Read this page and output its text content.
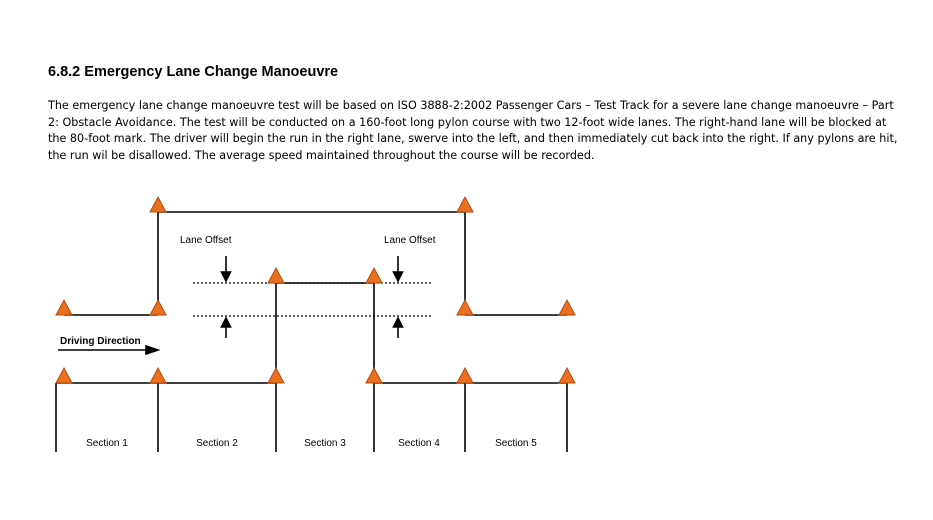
6.8.2 Emergency Lane Change Manoeuvre

The emergency lane change manoeuvre test will be based on ISO 3888-2:2002 Passenger Cars – Test Track for a severe lane change manoeuvre – Part 2: Obstacle Avoidance. The test will be conducted on a 160-foot long pylon course with two 12-foot wide lanes. The right-hand lane will be blocked at the 80-foot mark. The driver will begin the run in the right lane, swerve into the left, and then immediately cut back into the right. If any pylons are hit, the run wil be disallowed. The average speed maintained throughout the course will be recorded.

Lane Offset	Lane Offset
Driving Direction
Section 1	Section 2	Section 3	Section 4	Section 5
